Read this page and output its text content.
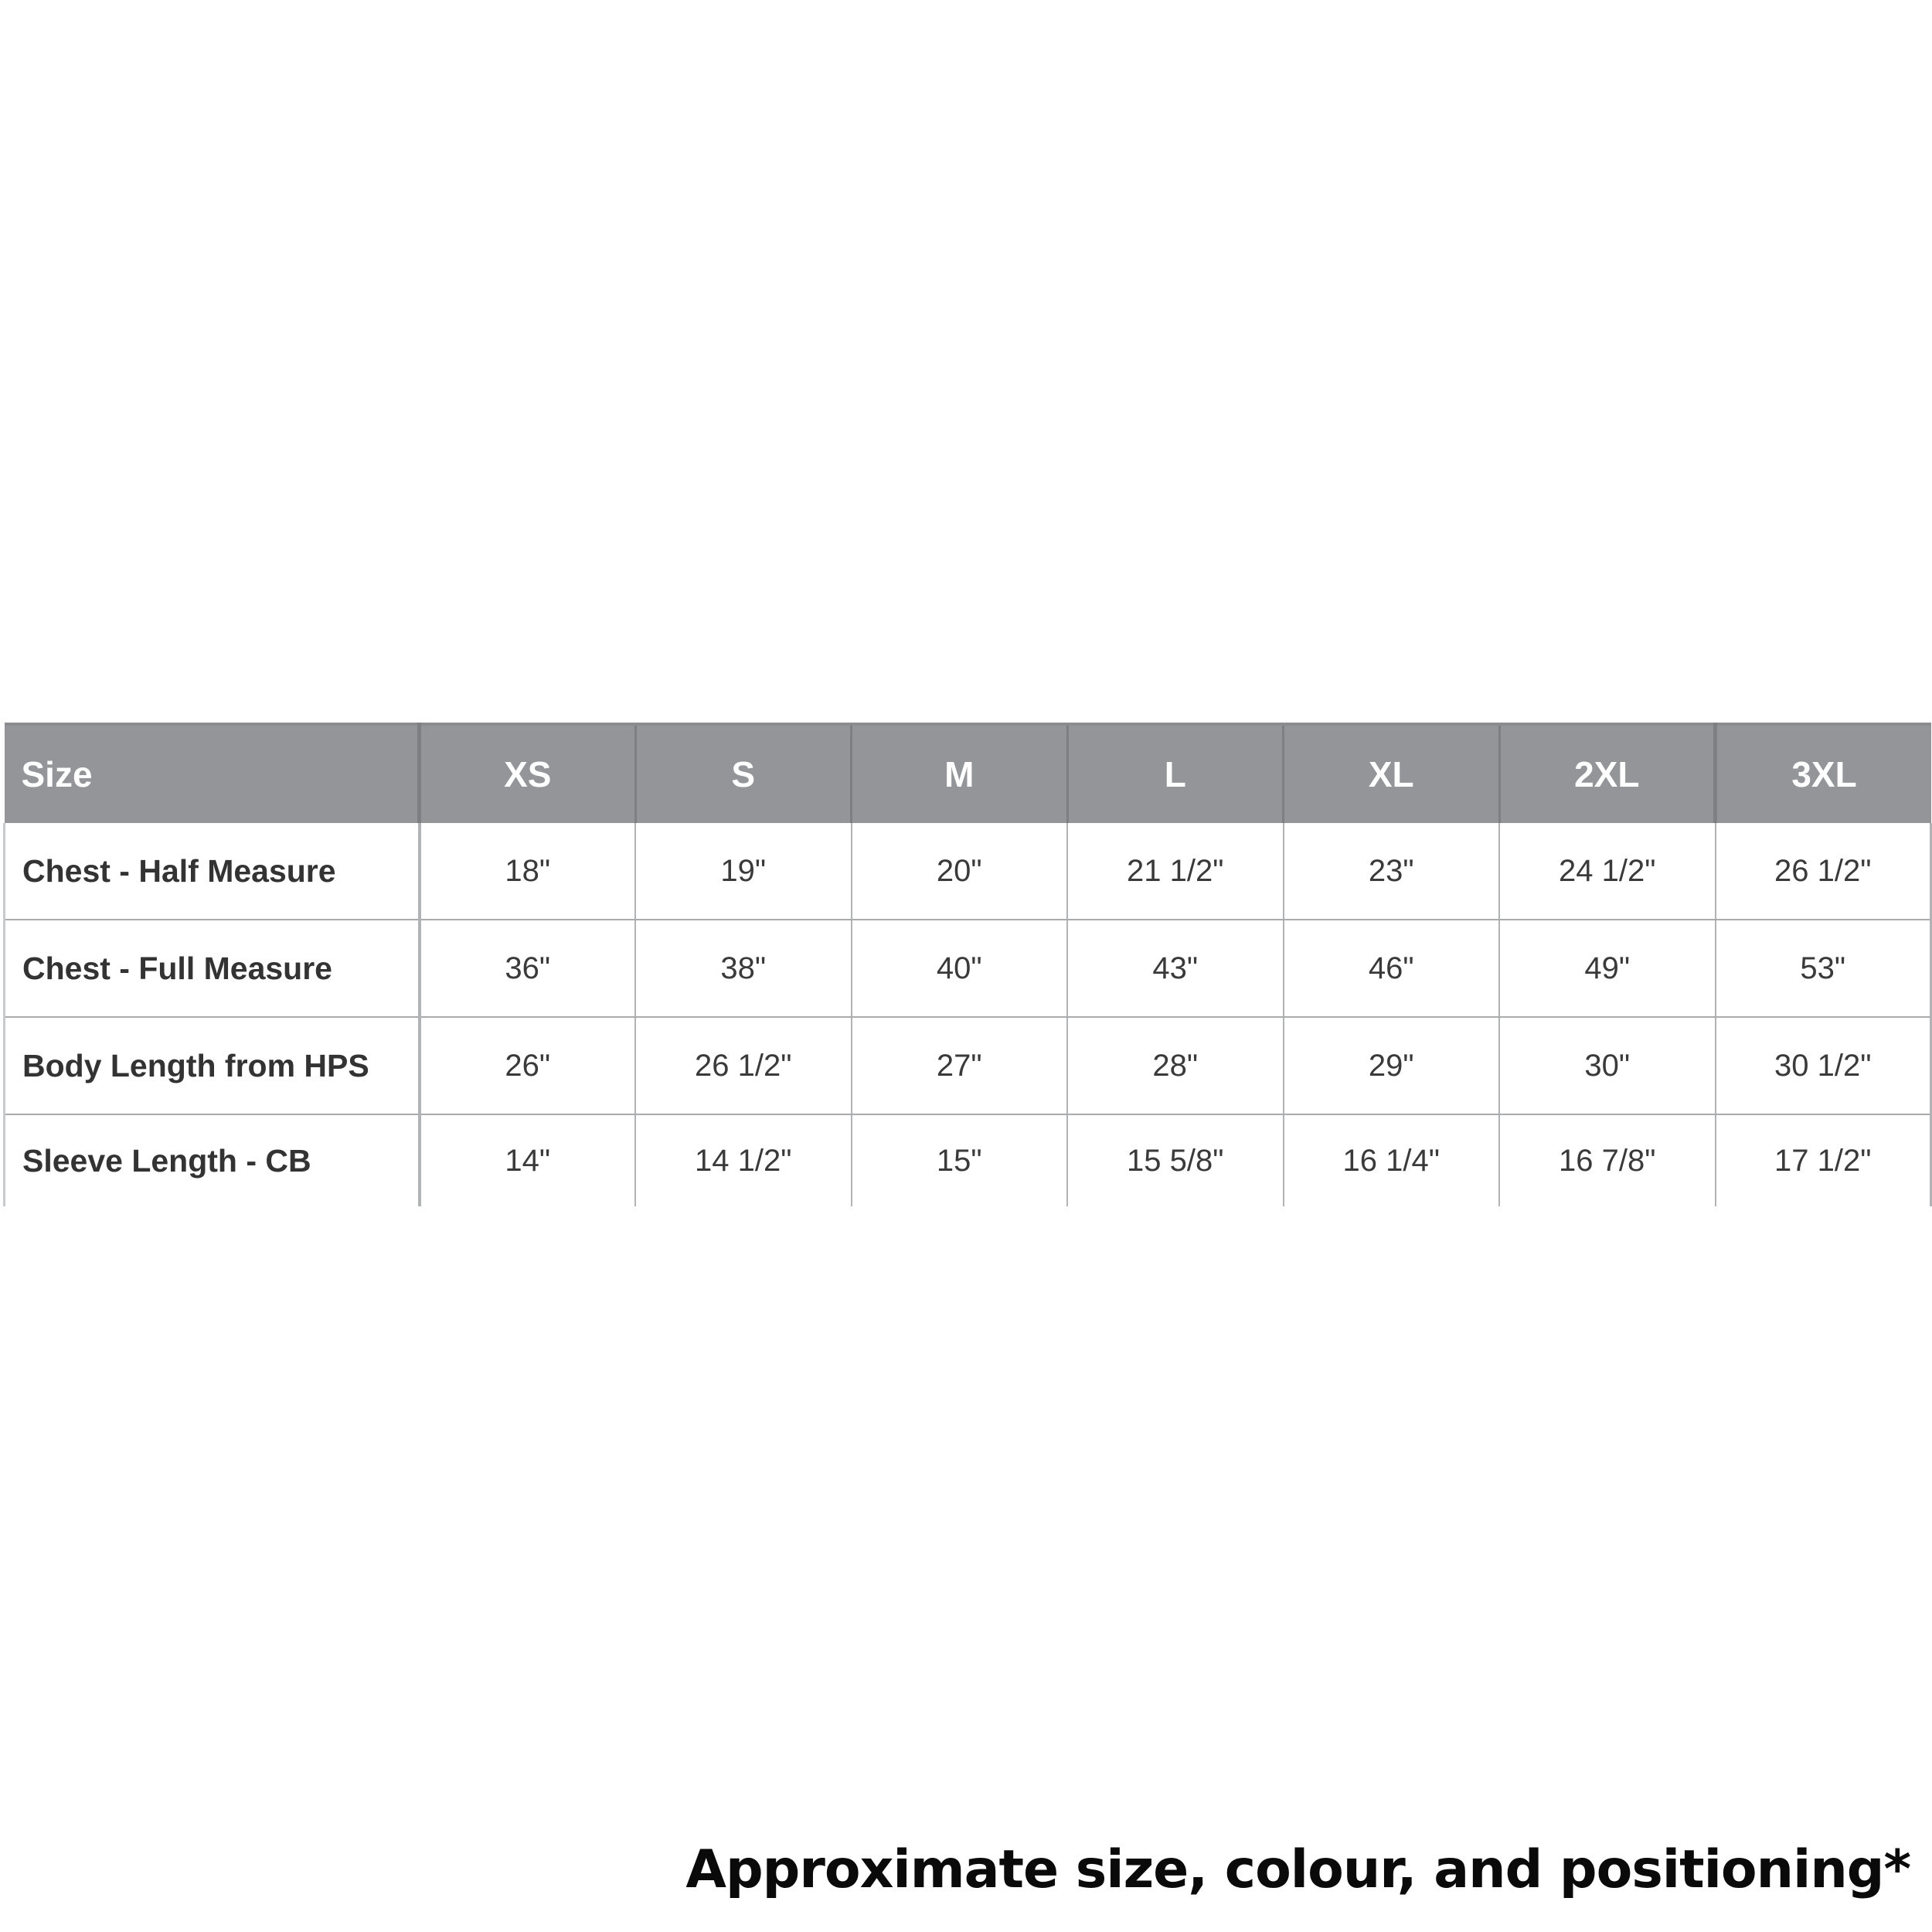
Size	XS	S	M	L	XL	2XL	3XL
Chest - Half Measure	18"	19"	20"	21 1/2"	23"	24 1/2"	26 1/2"
Chest - Full Measure	36"	38"	40"	43"	46"	49"	53"
Body Length from HPS	26"	26 1/2"	27"	28"	29"	30"	30 1/2"
Sleeve Length - CB	14"	14 1/2"	15"	15 5/8"	16 1/4"	16 7/8"	17 1/2"
Approximate size, colour, and positioning*
